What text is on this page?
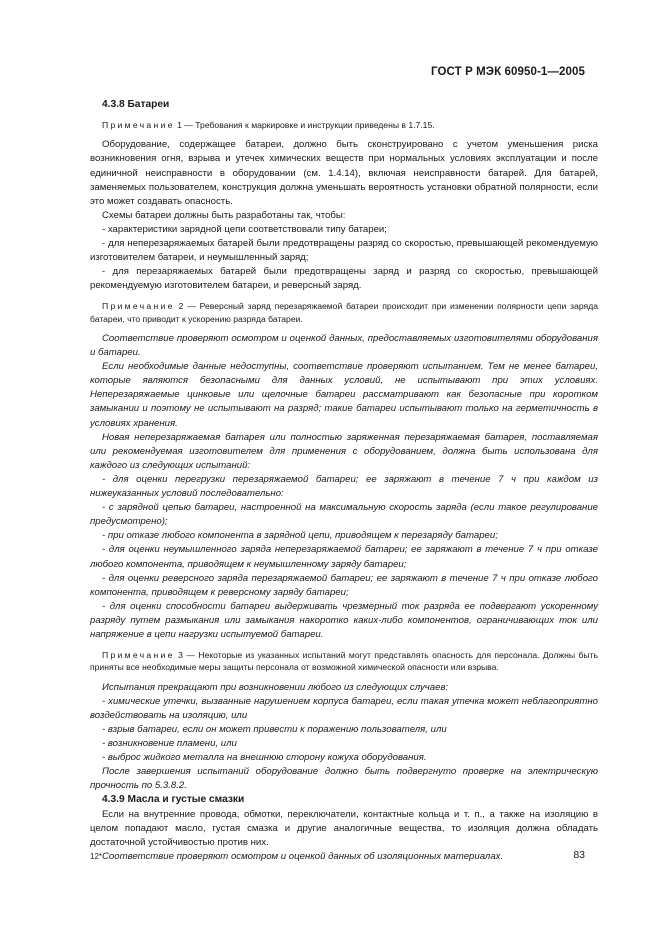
ГОСТ Р МЭК 60950-1—2005

4.3.8 Батареи

Примечание 1 — Требования к маркировке и инструкции приведены в 1.7.15.

Оборудование, содержащее батареи, должно быть сконструировано с учетом уменьшения риска возникновения огня, взрыва и утечек химических веществ при нормальных условиях эксплуатации и после единичной неисправности в оборудовании (см. 1.4.14), включая неисправности батарей. Для батарей, заменяемых пользователем, конструкция должна уменьшать вероятность установки обратной полярности, если это может создавать опасность.

Схемы батареи должны быть разработаны так, чтобы:

- характеристики зарядной цепи соответствовали типу батареи;

- для неперезаряжаемых батарей были предотвращены разряд со скоростью, превышающей рекомендуемую изготовителем батареи, и неумышленный заряд;

- для перезаряжаемых батарей были предотвращены заряд и разряд со скоростью, превышающей рекомендуемую изготовителем батареи, и реверсный заряд.

Примечание 2 — Реверсный заряд перезаряжаемой батареи происходит при изменении полярности цепи заряда батареи, что приводит к ускорению разряда батареи.

Соответствие проверяют осмотром и оценкой данных, предоставляемых изготовителями оборудования и батареи.

Если необходимые данные недоступны, соответствие проверяют испытанием. Тем не менее батареи, которые являются безопасными для данных условий, не испытывают при этих условиях. Неперезаряжаемые цинковые или щелочные батареи рассматривают как безопасные при коротком замыкании и поэтому не испытывают на разряд; такие батареи испытывают только на герметичность в условиях хранения.

Новая неперезаряжаемая батарея или полностью заряженная перезаряжаемая батарея, поставляемая или рекомендуемая изготовителем для применения с оборудованием, должна быть использована для каждого из следующих испытаний:

- для оценки перегрузки перезаряжаемой батареи; ее заряжают в течение 7 ч при каждом из нижеуказанных условий последовательно:

- с зарядной цепью батареи, настроенной на максимальную скорость заряда (если такое регулирование предусмотрено);

- при отказе любого компонента в зарядной цепи, приводящем к перезаряду батареи;

- для оценки неумышленного заряда неперезаряжаемой батареи; ее заряжают в течение 7 ч при отказе любого компонента, приводящем к неумышленному заряду батареи;

- для оценки реверсного заряда перезаряжаемой батареи; ее заряжают в течение 7 ч при отказе любого компонента, приводящем к реверсному заряду батареи;

- для оценки способности батареи выдерживать чрезмерный ток разряда ее подвергают ускоренному разряду путем размыкания или замыкания накоротко каких-либо компонентов, ограничивающих ток или напряжение в цепи нагрузки испытуемой батареи.

Примечание 3 — Некоторые из указанных испытаний могут представлять опасность для персонала. Должны быть приняты все необходимые меры защиты персонала от возможной химической опасности или взрыва.

Испытания прекращают при возникновении любого из следующих случаев:

- химические утечки, вызванные нарушением корпуса батареи, если такая утечка может неблагоприятно воздействовать на изоляцию, или

- взрыв батареи, если он может привести к поражению пользователя, или

- возникновение пламени, или

- выброс жидкого металла на внешнюю сторону кожуха оборудования.

После завершения испытаний оборудование должно быть подвергнуто проверке на электрическую прочность по 5.3.8.2.

4.3.9 Масла и густые смазки

Если на внутренние провода, обмотки, переключатели, контактные кольца и т. п., а также на изоляцию в целом попадают масло, густая смазка и другие аналогичные вещества, то изоляция должна обладать достаточной устойчивостью против них.

Соответствие проверяют осмотром и оценкой данных об изоляционных материалах.

12*	83
